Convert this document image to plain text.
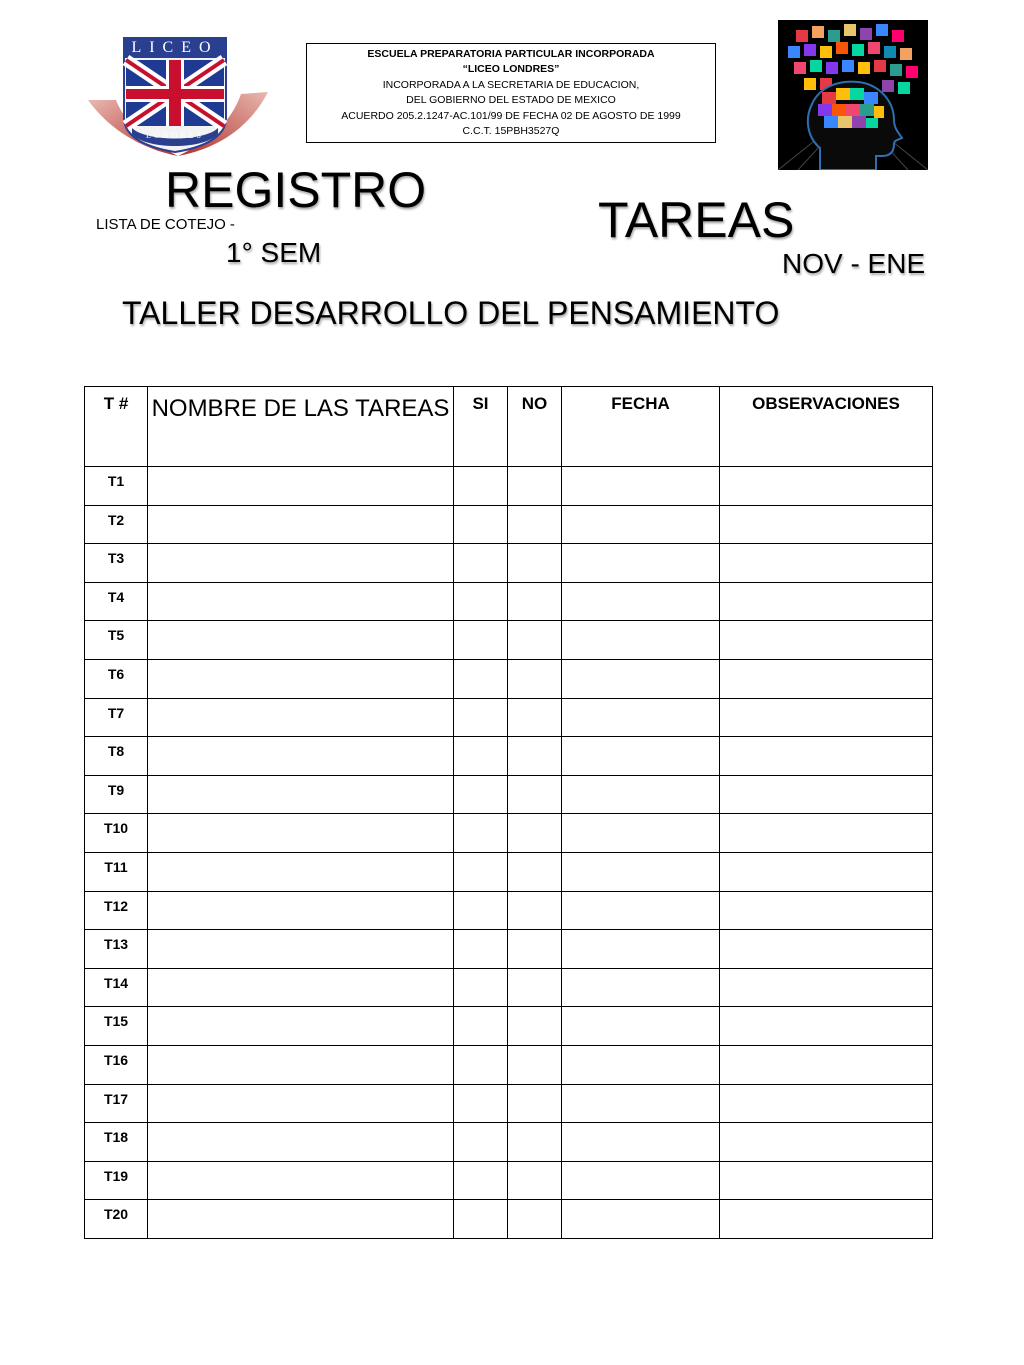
LICEO
LONDRES
ESCUELA PREPARATORIA PARTICULAR INCORPORADA
“LICEO LONDRES”
INCORPORADA A LA SECRETARIA DE EDUCACION,
DEL GOBIERNO DEL ESTADO DE MEXICO
ACUERDO 205.2.1247-AC.101/99 DE FECHA 02 DE AGOSTO DE 1999
C.C.T. 15PBH3527Q
REGISTRO
LISTA DE COTEJO -
1° SEM
TAREAS
NOV - ENE
TALLER DESARROLLO DEL PENSAMIENTO
T #	NOMBRE DE LAS TAREAS	SI	NO	FECHA	OBSERVACIONES
T1					
T2					
T3					
T4					
T5					
T6					
T7					
T8					
T9					
T10					
T11					
T12					
T13					
T14					
T15					
T16					
T17					
T18					
T19					
T20					
